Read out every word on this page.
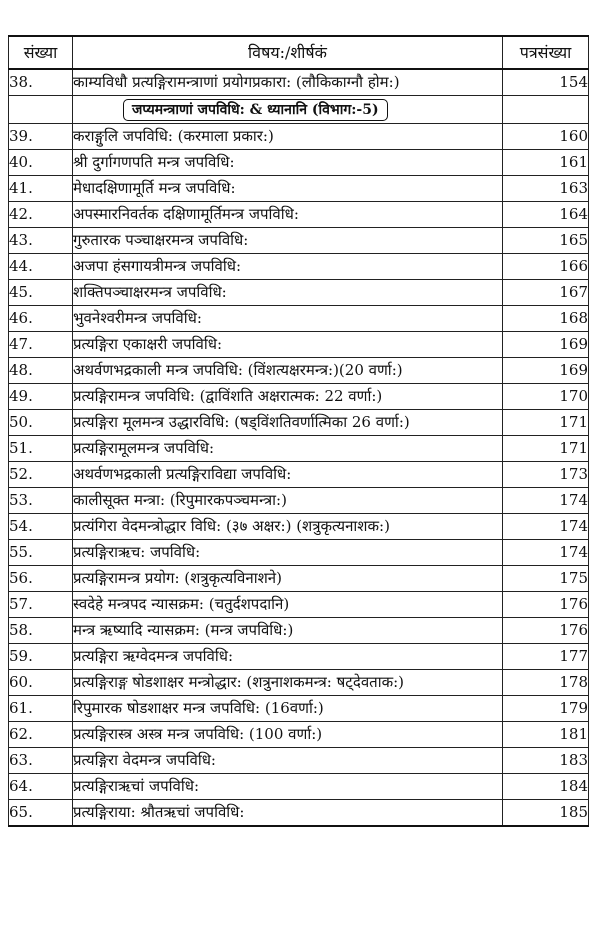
संख्या	विषय:/शीर्षकं	पत्रसंख्या
38.	काम्यविधौ प्रत्यङ्गिरामन्त्राणां प्रयोगप्रकारा: (लौकिकाग्नौ होम:)	154
	जप्यमन्त्राणां जपविधि: & ध्यानानि (विभाग:-5)	
39.	कराङ्गुलि जपविधि: (करमाला प्रकार:)	160
40.	श्री दुर्गागणपति मन्त्र जपविधि:	161
41.	मेधादक्षिणामूर्ति मन्त्र जपविधि:	163
42.	अपस्मारनिवर्तक दक्षिणामूर्तिमन्त्र जपविधि:	164
43.	गुरुतारक पञ्चाक्षरमन्त्र जपविधि:	165
44.	अजपा हंसगायत्रीमन्त्र जपविधि:	166
45.	शक्तिपञ्चाक्षरमन्त्र जपविधि:	167
46.	भुवनेश्वरीमन्त्र जपविधि:	168
47.	प्रत्यङ्गिरा एकाक्षरी जपविधि:	169
48.	अथर्वणभद्रकाली मन्त्र जपविधि: (विंशत्यक्षरमन्त्र:)(20 वर्णा:)	169
49.	प्रत्यङ्गिरामन्त्र जपविधि: (द्वाविंशति अक्षरात्मक: 22 वर्णा:)	170
50.	प्रत्यङ्गिरा मूलमन्त्र उद्धारविधि: (षड्विंशतिवर्णात्मिका 26 वर्णा:)	171
51.	प्रत्यङ्गिरामूलमन्त्र जपविधि:	171
52.	अथर्वणभद्रकाली प्रत्यङ्गिराविद्या जपविधि:	173
53.	कालीसूक्त मन्त्रा: (रिपुमारकपञ्चमन्त्रा:)	174
54.	प्रत्यंगिरा वेदमन्त्रोद्धार विधि: (३७ अक्षर:) (शत्रुकृत्यनाशक:)	174
55.	प्रत्यङ्गिराऋच: जपविधि:	174
56.	प्रत्यङ्गिरामन्त्र प्रयोग: (शत्रुकृत्यविनाशने)	175
57.	स्वदेहे मन्त्रपद न्यासक्रम: (चतुर्दशपदानि)	176
58.	मन्त्र ऋष्यादि न्यासक्रम: (मन्त्र जपविधि:)	176
59.	प्रत्यङ्गिरा ऋग्वेदमन्त्र जपविधि:	177
60.	प्रत्यङ्गिराङ्ग षोडशाक्षर मन्त्रोद्धार: (शत्रुनाशकमन्त्र: षट्देवताक:)	178
61.	रिपुमारक षोडशाक्षर मन्त्र जपविधि: (16वर्णा:)	179
62.	प्रत्यङ्गिरास्त्र अस्त्र मन्त्र जपविधि: (100 वर्णा:)	181
63.	प्रत्यङ्गिरा वेदमन्त्र जपविधि:	183
64.	प्रत्यङ्गिराऋचां जपविधि:	184
65.	प्रत्यङ्गिराया: श्रौतऋचां जपविधि:	185
